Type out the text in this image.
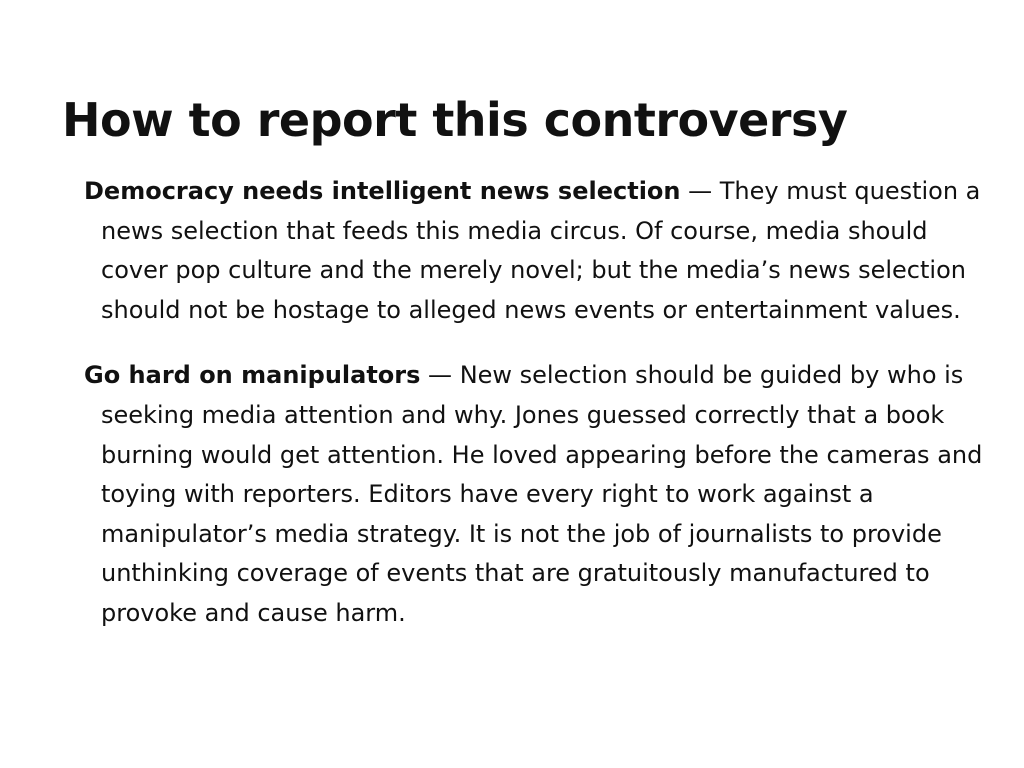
How to report this controversy
Democracy needs intelligent news selection — They must question a news selection that feeds this media circus. Of course, media should cover pop culture and the merely novel; but the media’s news selection should not be hostage to alleged news events or entertainment values.
Go hard on manipulators — New selection should be guided by who is seeking media attention and why. Jones guessed correctly that a book burning would get attention. He loved appearing before the cameras and toying with reporters. Editors have every right to work against a manipulator’s media strategy. It is not the job of journalists to provide unthinking coverage of events that are gratuitously manufactured to provoke and cause harm.
